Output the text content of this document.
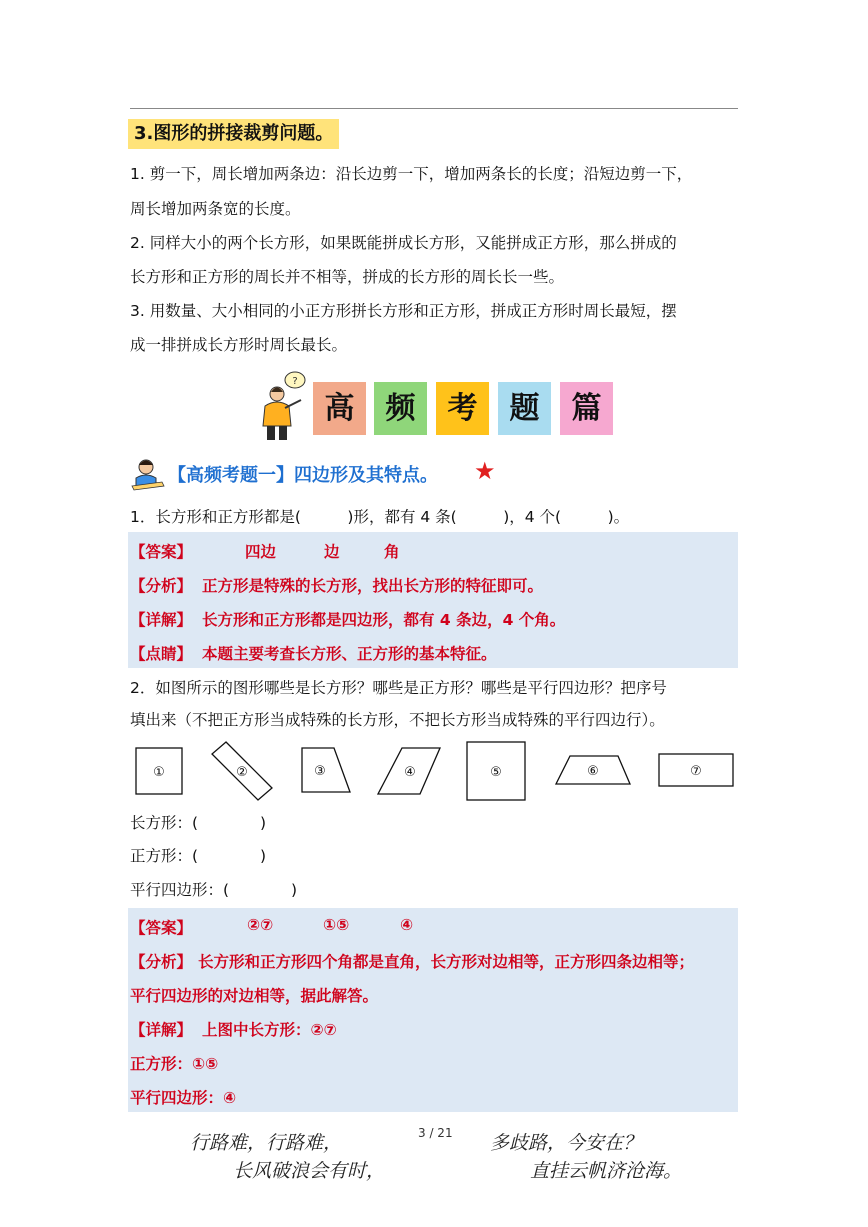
3.图形的拼接裁剪问题。
1. 剪一下，周长增加两条边：沿长边剪一下，增加两条长的长度；沿短边剪一下，
周长增加两条宽的长度。
2. 同样大小的两个长方形，如果既能拼成长方形，又能拼成正方形，那么拼成的
长方形和正方形的周长并不相等，拼成的长方形的周长长一些。
3. 用数量、大小相同的小正方形拼长方形和正方形，拼成正方形时周长最短，摆
成一排拼成长方形时周长最长。
?
高	频	考	题	篇
【高频考题一】四边形及其特点。 ★
1．长方形和正方形都是(　　　)形，都有 4 条(　　　)，4 个(　　　)。
【答案】	四边	边	角
【分析】 正方形是特殊的长方形，找出长方形的特征即可。
【详解】 长方形和正方形都是四边形，都有 4 条边，4 个角。
【点睛】 本题主要考查长方形、正方形的基本特征。
2．如图所示的图形哪些是长方形？哪些是正方形？哪些是平行四边形？把序号
填出来（不把正方形当成特殊的长方形，不把长方形当成特殊的平行四边行）。
①	②	③	④	⑤	⑥	⑦
长方形：(　　　　)
正方形：(　　　　)
平行四边形：(　　　　)
【答案】	②⑦	①⑤	④
【分析】 长方形和正方形四个角都是直角，长方形对边相等，正方形四条边相等；
平行四边形的对边相等，据此解答。
【详解】 上图中长方形：②⑦
正方形：①⑤
平行四边形：④
3 / 21
行路难，行路难，
长风破浪会有时，
多歧路，今安在？
直挂云帆济沧海。
